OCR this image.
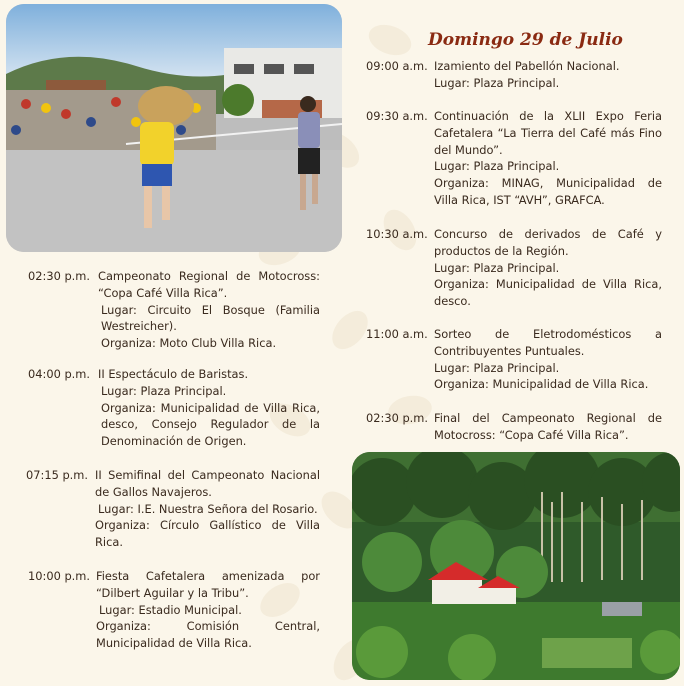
Domingo 29 de Julio
02:30 p.m. Campeonato Regional de Motocross: “Copa Café Villa Rica”.
Lugar: Circuito El Bosque (Familia Westreicher).
Organiza: Moto Club Villa Rica.
04:00 p.m. II Espectáculo de Baristas.
Lugar: Plaza Principal.
Organiza: Municipalidad de Villa Rica, desco, Consejo Regulador de la Denominación de Origen.
07:15 p.m. II Semifinal del Campeonato Nacional de Gallos Navajeros.
Lugar: I.E. Nuestra Señora del Rosario.
Organiza: Círculo Gallístico de Villa Rica.
10:00 p.m. Fiesta Cafetalera amenizada por “Dilbert Aguilar y la Tribu”.
Lugar: Estadio Municipal.
Organiza: Comisión Central, Municipalidad de Villa Rica.
09:00 a.m. Izamiento del Pabellón Nacional.
Lugar: Plaza Principal.
09:30 a.m. Continuación de la XLII Expo Feria Cafetalera “La Tierra del Café más Fino del Mundo”.
Lugar: Plaza Principal.
Organiza: MINAG, Municipalidad de Villa Rica, IST “AVH”, GRAFCA.
10:30 a.m. Concurso de derivados de Café y productos de la Región.
Lugar: Plaza Principal.
Organiza: Municipalidad de Villa Rica, desco.
11:00 a.m. Sorteo de Eletrodomésticos a Contribuyentes Puntuales.
Lugar: Plaza Principal.
Organiza: Municipalidad de Villa Rica.
02:30 p.m. Final del Campeonato Regional de Motocross: “Copa Café Villa Rica”.
